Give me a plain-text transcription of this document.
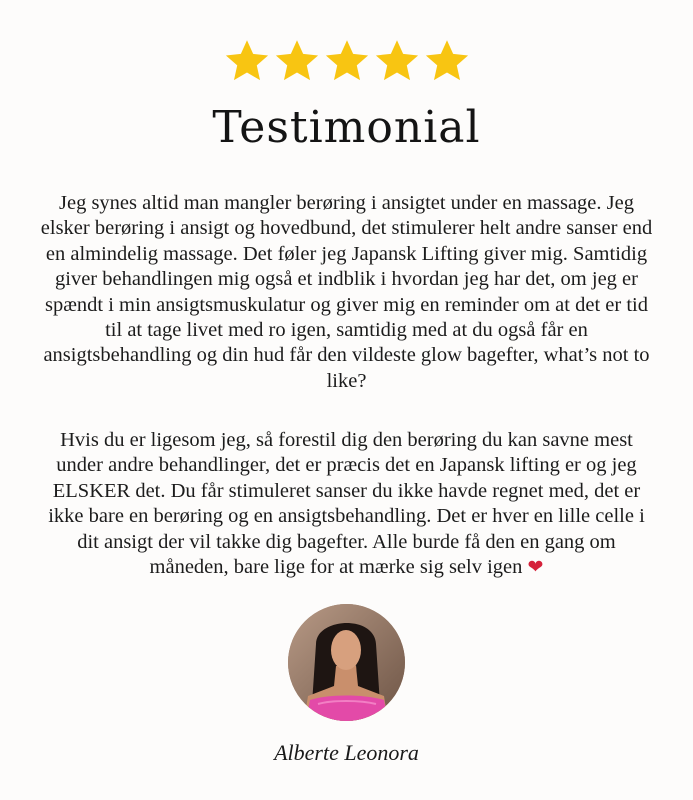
Testimonial
Jeg synes altid man mangler berøring i ansigtet under en massage. Jeg elsker berøring i ansigt og hovedbund, det stimulerer helt andre sanser end en almindelig massage. Det føler jeg Japansk Lifting giver mig. Samtidig giver behandlingen mig også et indblik i hvordan jeg har det, om jeg er spændt i min ansigtsmuskulatur og giver mig en reminder om at det er tid til at tage livet med ro igen, samtidig med at du også får en ansigtsbehandling og din hud får den vildeste glow bagefter, what’s not to like?
Hvis du er ligesom jeg, så forestil dig den berøring du kan savne mest under andre behandlinger, det er præcis det en Japansk lifting er og jeg ELSKER det. Du får stimuleret sanser du ikke havde regnet med, det er ikke bare en berøring og en ansigtsbehandling. Det er hver en lille celle i dit ansigt der vil takke dig bagefter. Alle burde få den en gang om måneden, bare lige for at mærke sig selv igen ❤
Alberte Leonora
